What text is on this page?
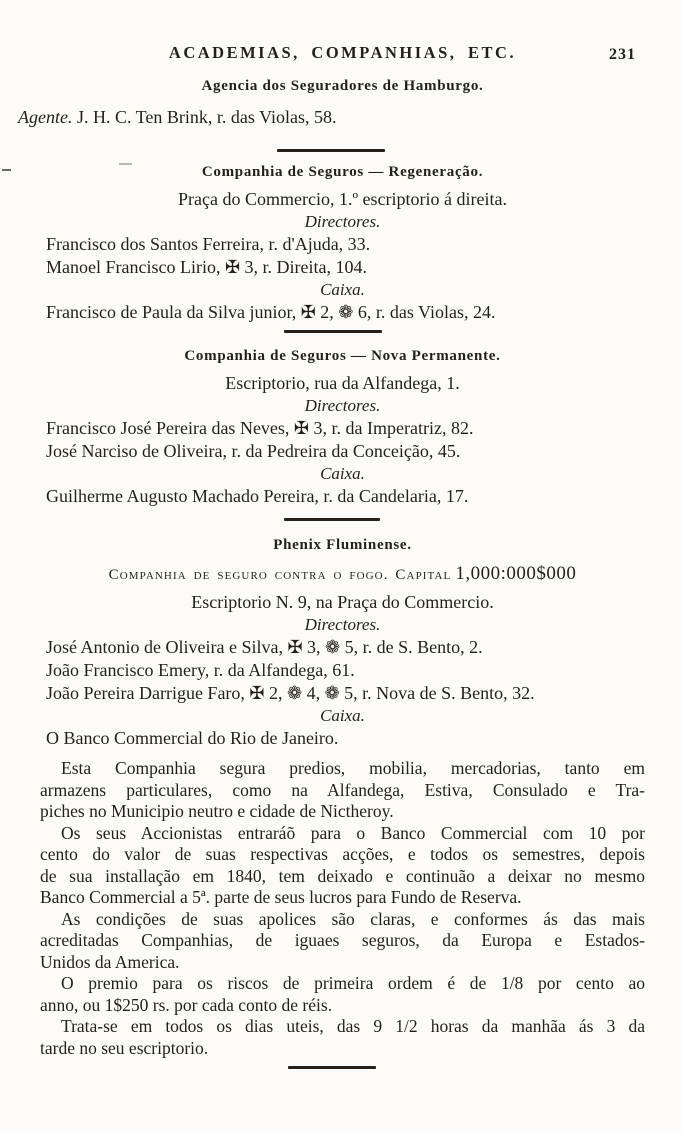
231
ACADEMIAS, COMPANHIAS, ETC.
Agencia dos Seguradores de Hamburgo.
Agente. J. H. C. Ten Brink, r. das Violas, 58.
Companhia de Seguros — Regeneração.
Praça do Commercio, 1.º escriptorio á direita.
Directores.
Francisco dos Santos Ferreira, r. d'Ajuda, 33.
Manoel Francisco Lirio, ✠ 3, r. Direita, 104.
Caixa.
Francisco de Paula da Silva junior, ✠ 2, ❁ 6, r. das Violas, 24.
Companhia de Seguros — Nova Permanente.
Escriptorio, rua da Alfandega, 1.
Directores.
Francisco José Pereira das Neves, ✠ 3, r. da Imperatriz, 82.
José Narciso de Oliveira, r. da Pedreira da Conceição, 45.
Caixa.
Guilherme Augusto Machado Pereira, r. da Candelaria, 17.
Phenix Fluminense.
Companhia de seguro contra o fogo. Capital 1,000:000$000
Escriptorio N. 9, na Praça do Commercio.
Directores.
José Antonio de Oliveira e Silva, ✠ 3, ❁ 5, r. de S. Bento, 2.
João Francisco Emery, r. da Alfandega, 61.
João Pereira Darrigue Faro, ✠ 2, ❁ 4, ❁ 5, r. Nova de S. Bento, 32.
Caixa.
O Banco Commercial do Rio de Janeiro.
Esta Companhia segura predios, mobilia, mercadorias, tanto em
armazens particulares, como na Alfandega, Estiva, Consulado e Tra-
piches no Municipio neutro e cidade de Nictheroy.
Os seus Accionistas entraráõ para o Banco Commercial com 10 por
cento do valor de suas respectivas acções, e todos os semestres, depois
de sua installação em 1840, tem deixado e continuão a deixar no mesmo
Banco Commercial a 5ª. parte de seus lucros para Fundo de Reserva.
As condições de suas apolices são claras, e conformes ás das mais
acreditadas Companhias, de iguaes seguros, da Europa e Estados-
Unidos da America.
O premio para os riscos de primeira ordem é de 1/8 por cento ao
anno, ou 1$250 rs. por cada conto de réis.
Trata-se em todos os dias uteis, das 9 1/2 horas da manhãa ás 3 da
tarde no seu escriptorio.
